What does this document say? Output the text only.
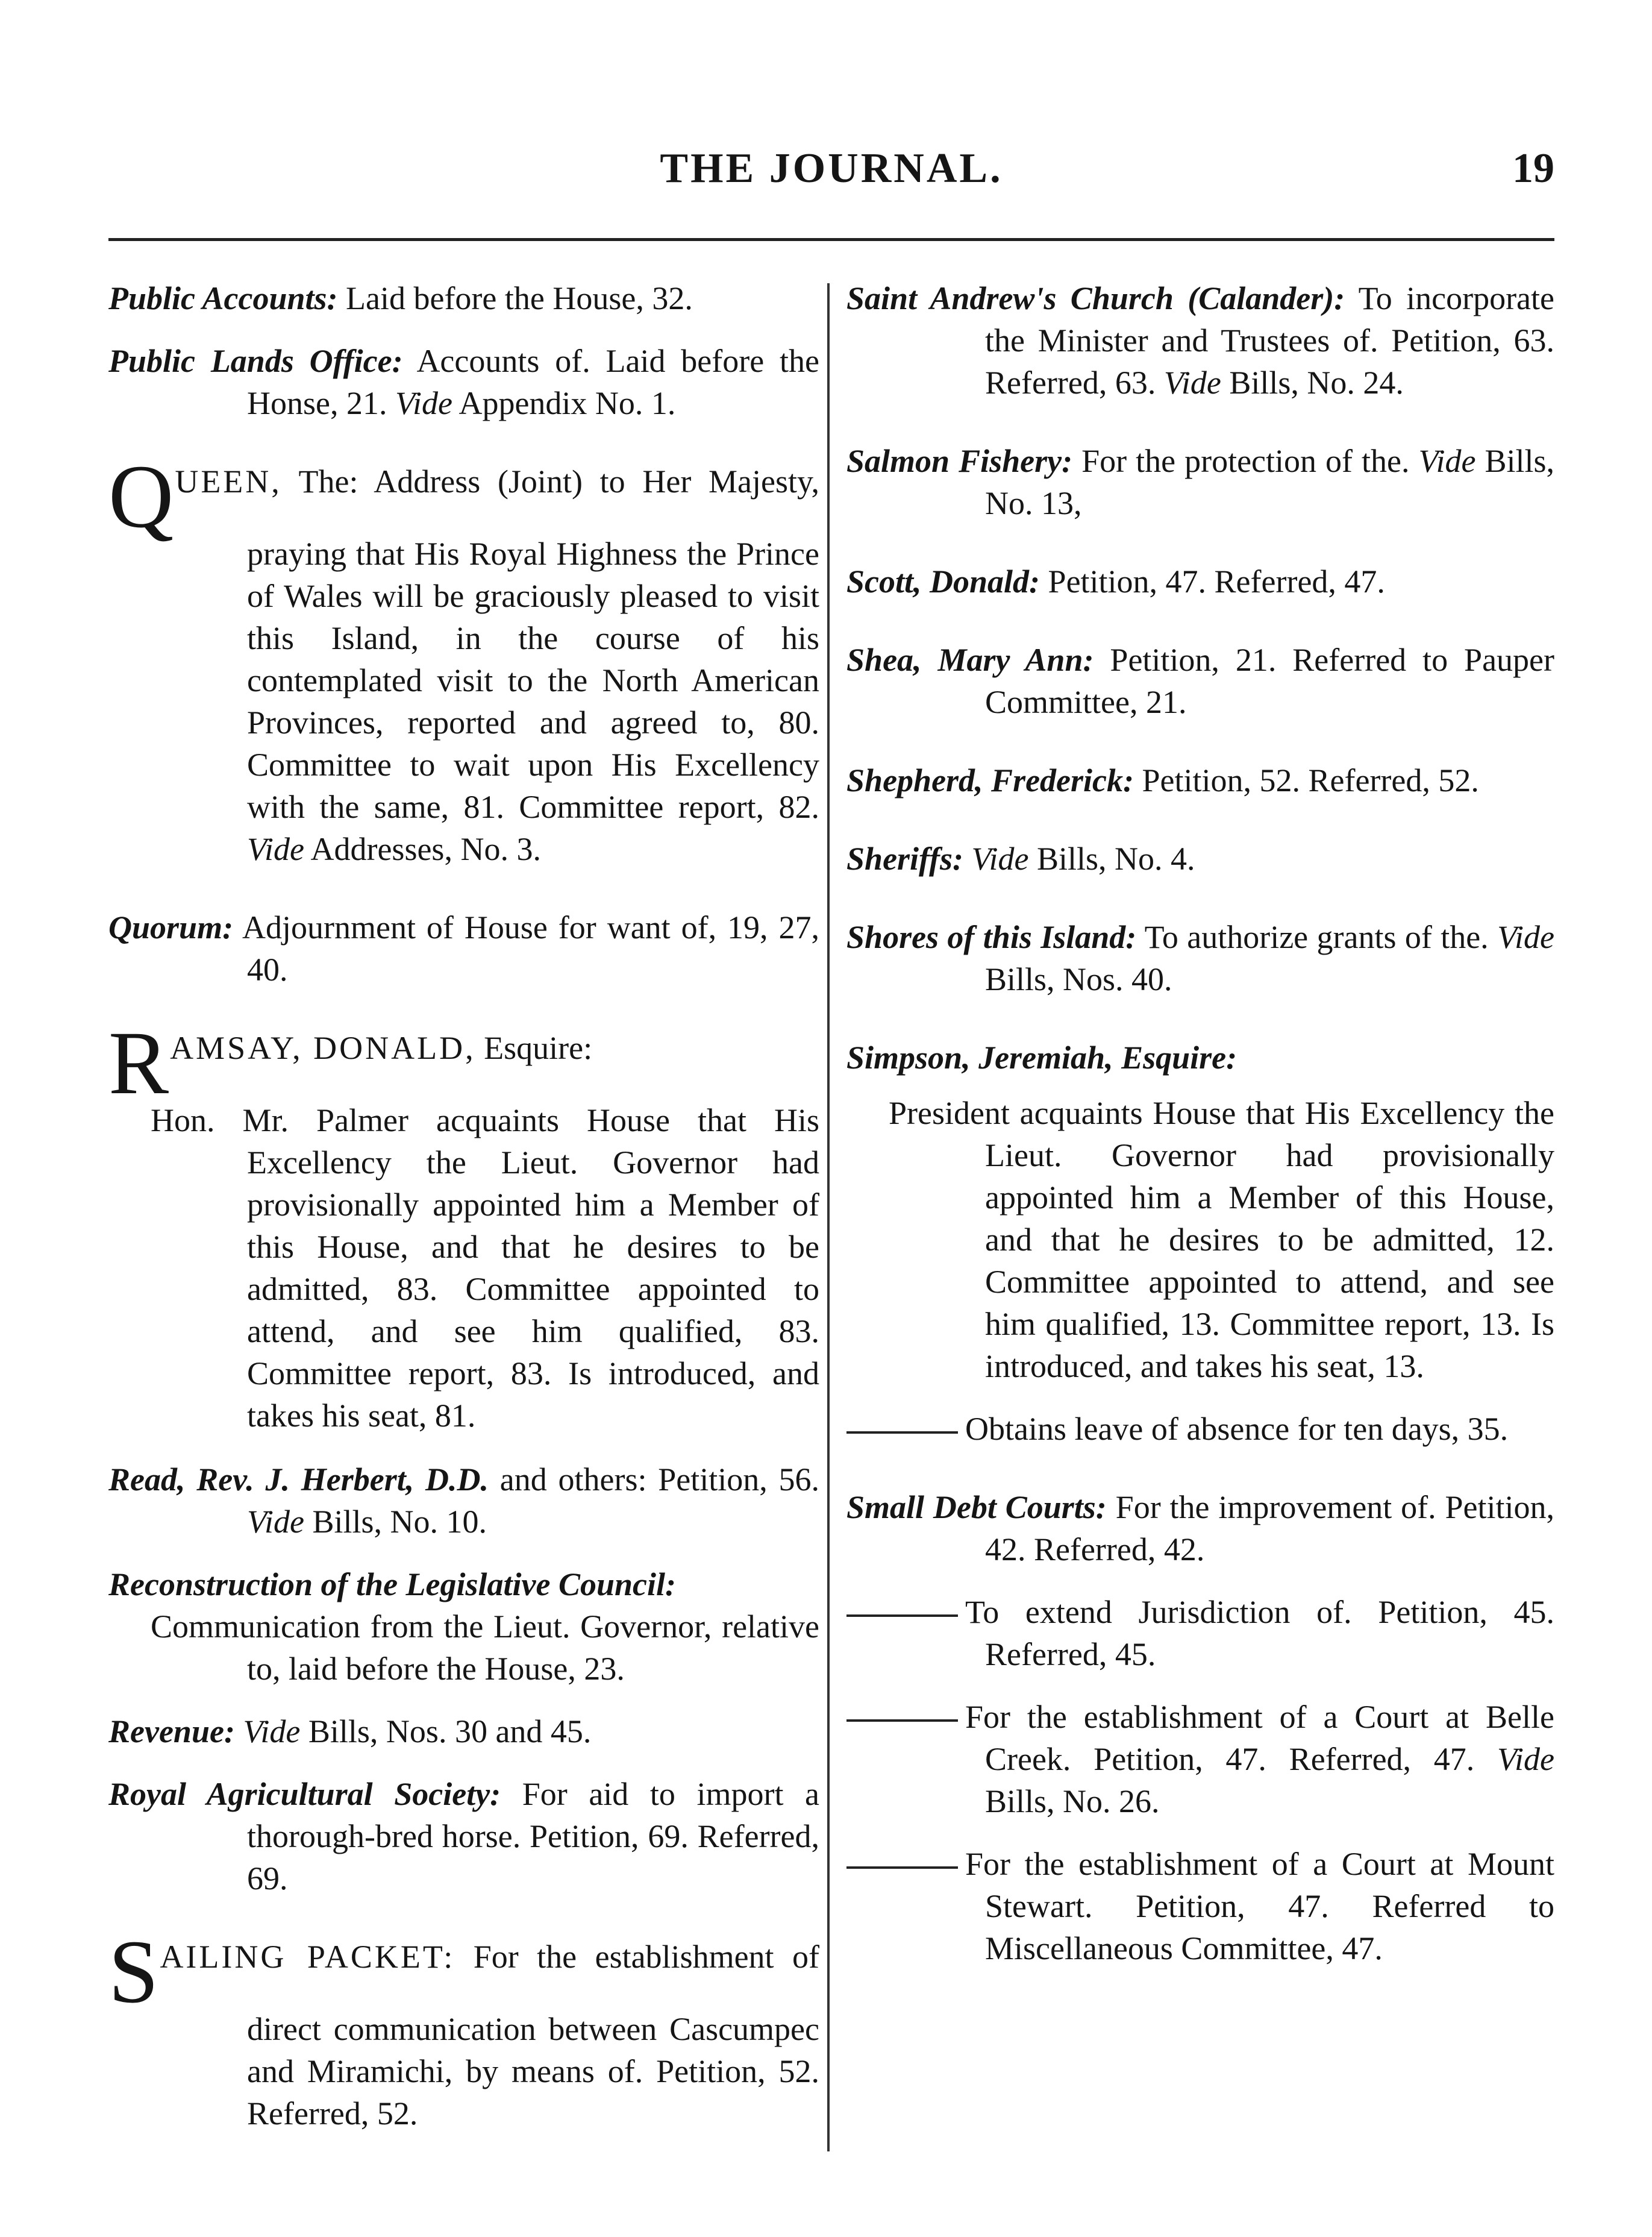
THE JOURNAL.	19

Public Accounts: Laid before the House, 32.

Public Lands Office: Accounts of. Laid before the Honse, 21. Vide Appendix No. 1.

QUEEN, The: Address (Joint) to Her Majesty, praying that His Royal Highness the Prince of Wales will be graciously pleased to visit this Island, in the course of his contemplated visit to the North American Provinces, reported and agreed to, 80. Committee to wait upon His Excellency with the same, 81. Committee report, 82. Vide Addresses, No. 3.

Quorum: Adjournment of House for want of, 19, 27, 40.

RAMSAY, DONALD, Esquire:

Hon. Mr. Palmer acquaints House that His Excellency the Lieut. Governor had provisionally appointed him a Member of this House, and that he desires to be admitted, 83. Committee appointed to attend, and see him qualified, 83. Committee report, 83. Is introduced, and takes his seat, 81.

Read, Rev. J. Herbert, D.D. and others: Petition, 56. Vide Bills, No. 10.

Reconstruction of the Legislative Council:
Communication from the Lieut. Governor, relative to, laid before the House, 23.

Revenue: Vide Bills, Nos. 30 and 45.

Royal Agricultural Society: For aid to import a thorough-bred horse. Petition, 69. Referred, 69.

SAILING PACKET: For the establishment of direct communication between Cascumpec and Miramichi, by means of. Petition, 52. Referred, 52.

Saint Andrew's Church (Calander): To incorporate the Minister and Trustees of. Petition, 63. Referred, 63. Vide Bills, No. 24.

Salmon Fishery: For the protection of the. Vide Bills, No. 13,

Scott, Donald: Petition, 47. Referred, 47.

Shea, Mary Ann: Petition, 21. Referred to Pauper Committee, 21.

Shepherd, Frederick: Petition, 52. Referred, 52.

Sheriffs: Vide Bills, No. 4.

Shores of this Island: To authorize grants of the. Vide Bills, Nos. 40.

Simpson, Jeremiah, Esquire:
President acquaints House that His Excellency the Lieut. Governor had provisionally appointed him a Member of this House, and that he desires to be admitted, 12. Committee appointed to attend, and see him qualified, 13. Committee report, 13. Is introduced, and takes his seat, 13.

Obtains leave of absence for ten days, 35.

Small Debt Courts: For the improvement of. Petition, 42. Referred, 42.

To extend Jurisdiction of. Petition, 45. Referred, 45.

For the establishment of a Court at Belle Creek. Petition, 47. Referred, 47. Vide Bills, No. 26.

For the establishment of a Court at Mount Stewart. Petition, 47. Referred to Miscellaneous Committee, 47.
